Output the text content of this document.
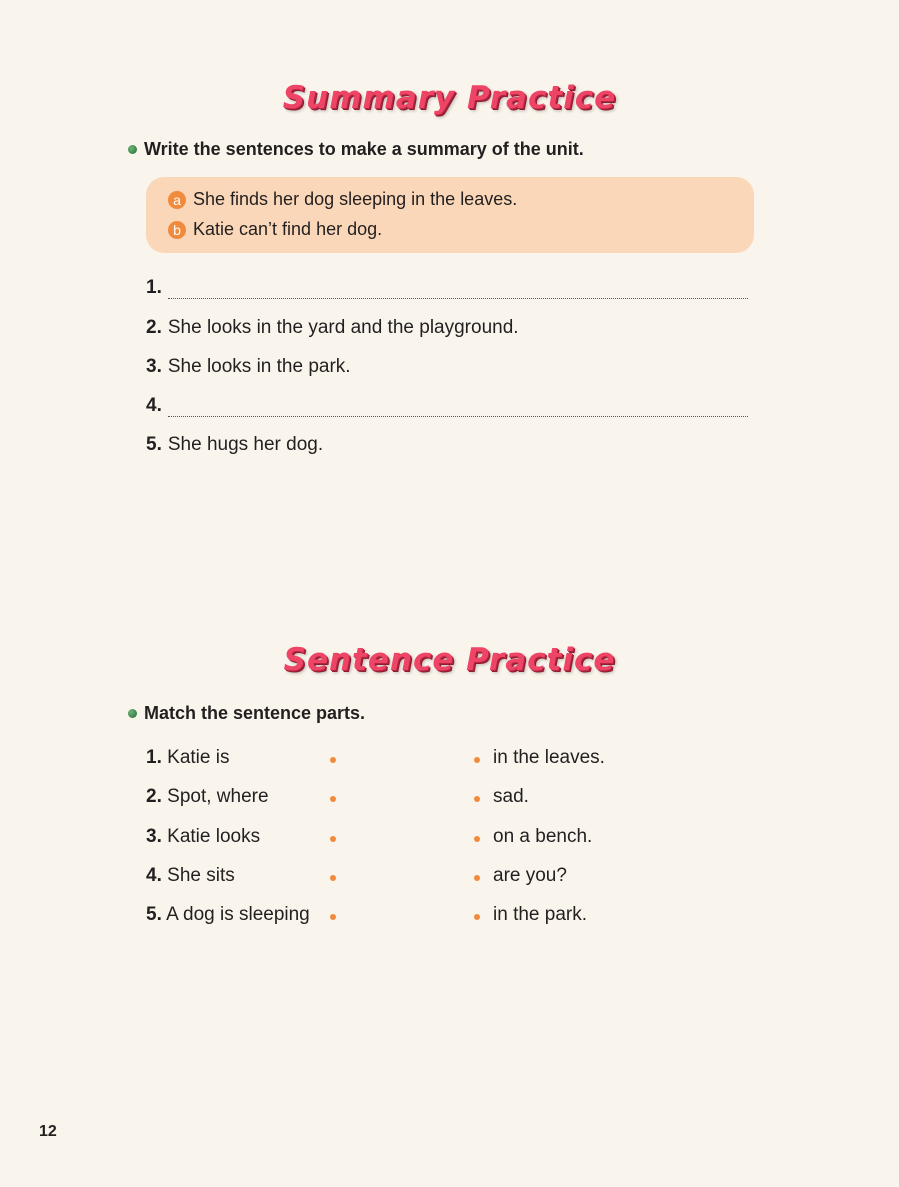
Summary Practice
Write the sentences to make a summary of the unit.
a She finds her dog sleeping in the leaves.
b Katie can’t find her dog.
1.
2. She looks in the yard and the playground.
3. She looks in the park.
4.
5. She hugs her dog.
Sentence Practice
Match the sentence parts.
1. Katie is	in the leaves.
2. Spot, where	sad.
3. Katie looks	on a bench.
4. She sits	are you?
5. A dog is sleeping	in the park.
12
